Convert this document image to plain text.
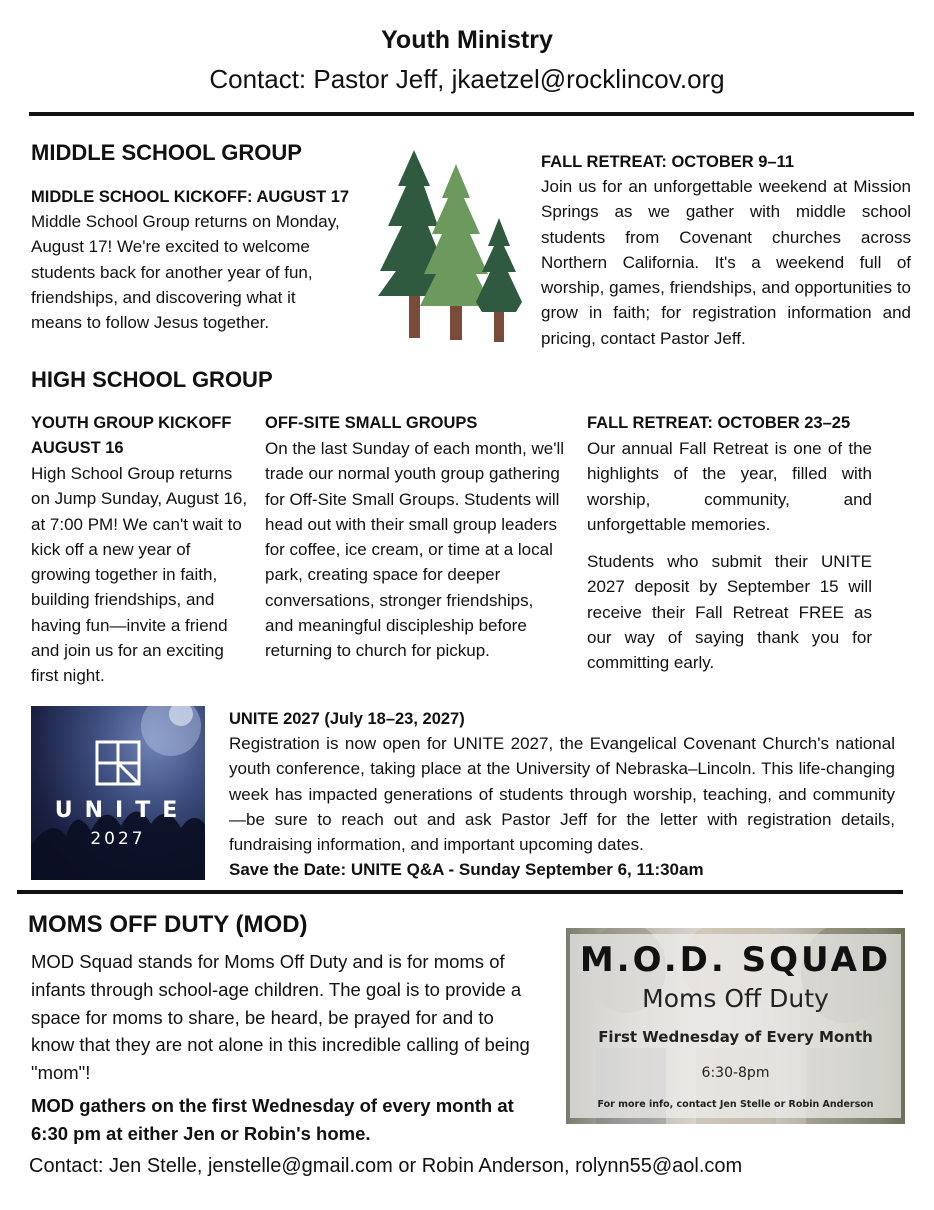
Youth Ministry
Contact: Pastor Jeff, jkaetzel@rocklincov.org
MIDDLE SCHOOL GROUP
MIDDLE SCHOOL KICKOFF: AUGUST 17
Middle School Group returns on Monday,
August 17! We're excited to welcome
students back for another year of fun,
friendships, and discovering what it
means to follow Jesus together.
FALL RETREAT: OCTOBER 9–11
Join us for an unforgettable weekend at Mission Springs as we gather with middle school students from Covenant churches across Northern California. It's a weekend full of worship, games, friendships, and opportunities to grow in faith; for registration information and pricing, contact Pastor Jeff.
HIGH SCHOOL GROUP
YOUTH GROUP KICKOFF
AUGUST 16
High School Group returns on Jump Sunday, August 16, at 7:00 PM! We can't wait to kick off a new year of growing together in faith, building friendships, and having fun—invite a friend and join us for an exciting first night.
OFF-SITE SMALL GROUPS
On the last Sunday of each month, we'll trade our normal youth group gathering for Off-Site Small Groups. Students will head out with their small group leaders for coffee, ice cream, or time at a local park, creating space for deeper conversations, stronger friendships, and meaningful discipleship before returning to church for pickup.
FALL RETREAT: OCTOBER 23–25
Our annual Fall Retreat is one of the highlights of the year, filled with worship, community, and unforgettable memories.
Students who submit their UNITE 2027 deposit by September 15 will receive their Fall Retreat FREE as our way of saying thank you for committing early.
UNITE
2027
UNITE 2027 (July 18–23, 2027)
Registration is now open for UNITE 2027, the Evangelical Covenant Church's national youth conference, taking place at the University of Nebraska–Lincoln. This life-changing week has impacted generations of students through worship, teaching, and community—be sure to reach out and ask Pastor Jeff for the letter with registration details, fundraising information, and important upcoming dates.
Save the Date: UNITE Q&A - Sunday September 6, 11:30am
MOMS OFF DUTY (MOD)
MOD Squad stands for Moms Off Duty and is for moms of infants through school-age children. The goal is to provide a space for moms to share, be heard, be prayed for and to know that they are not alone in this incredible calling of being "mom"!
MOD gathers on the first Wednesday of every month at
6:30 pm at either Jen or Robin's home.
M.O.D. SQUAD
Moms Off Duty
First Wednesday of Every Month
6:30-8pm
For more info, contact Jen Stelle or Robin Anderson
Contact: Jen Stelle, jenstelle@gmail.com or Robin Anderson, rolynn55@aol.com
